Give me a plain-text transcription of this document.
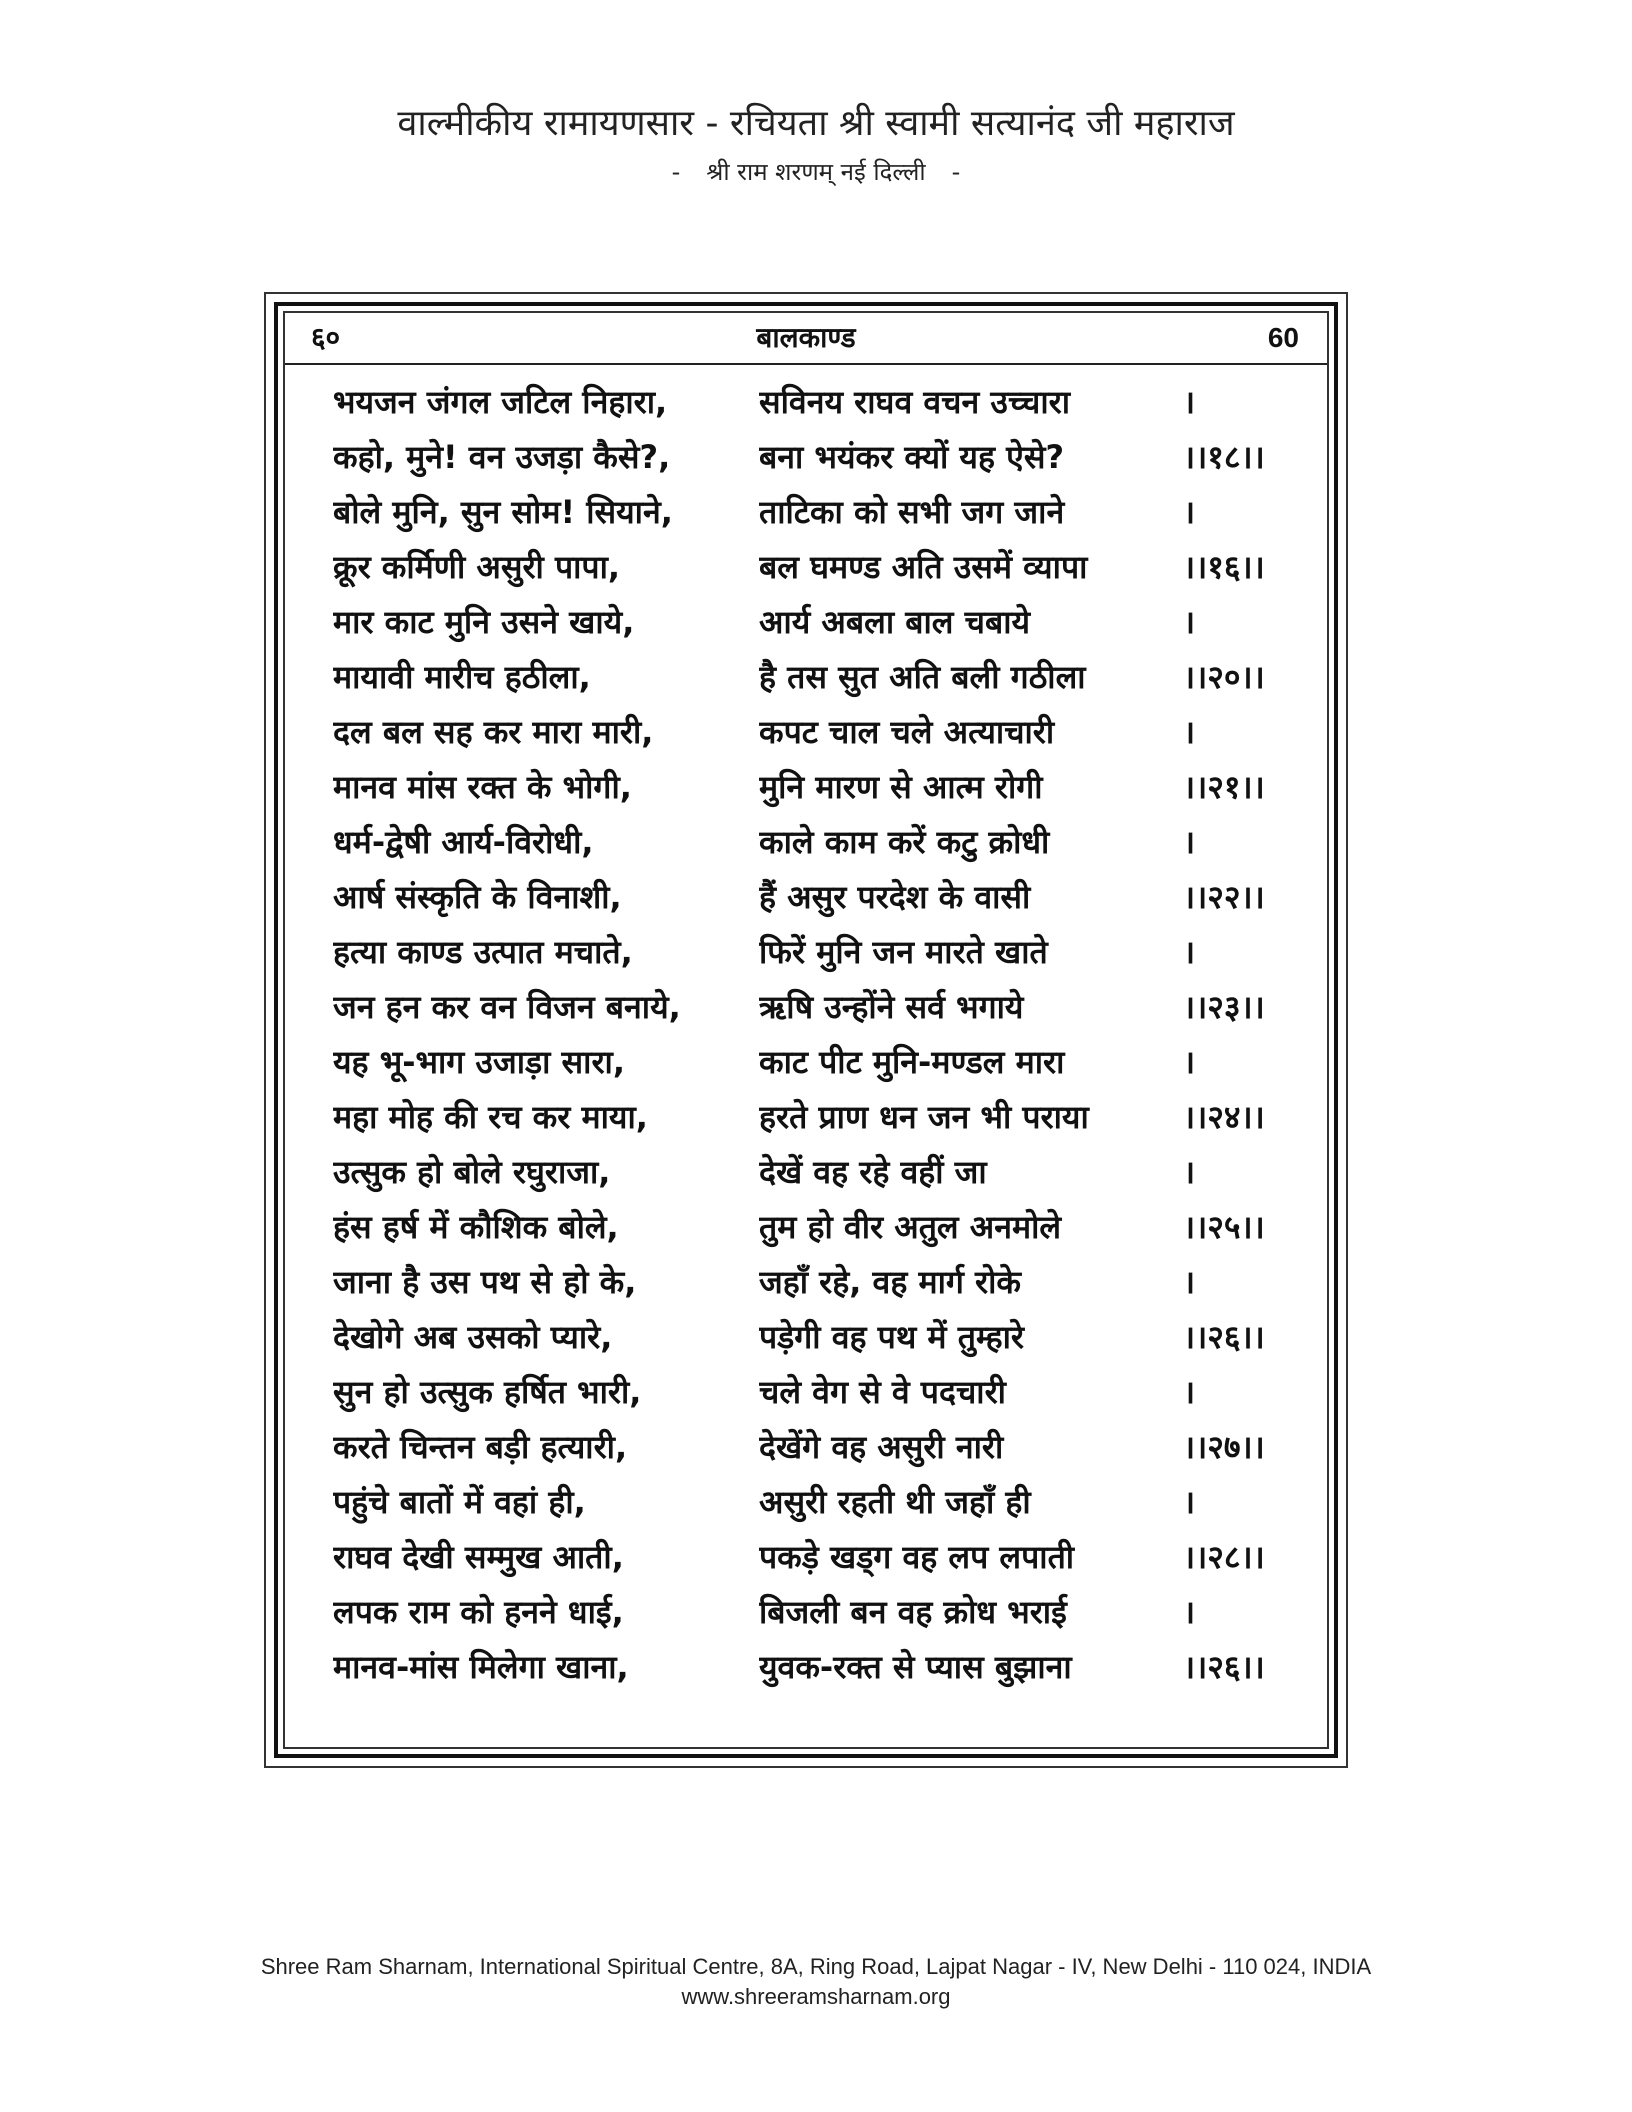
वाल्मीकीय रामायणसार - रचियता श्री स्वामी सत्यानंद जी महाराज
- श्री राम शरणम् नई दिल्ली -
६०	बालकाण्ड	60
भयजन जंगल जटिल निहारा,	सविनय राघव वचन उच्चारा	।
कहो, मुने! वन उजड़ा कैसे?,	बना भयंकर क्यों यह ऐसे?	।।१८।।
बोले मुनि, सुन सोम! सियाने,	ताटिका को सभी जग जाने	।
क्रूर कर्मिणी असुरी पापा,	बल घमण्ड अति उसमें व्यापा	।।१६।।
मार काट मुनि उसने खाये,	आर्य अबला बाल चबाये	।
मायावी मारीच हठीला,	है तस सुत अति बली गठीला	।।२०।।
दल बल सह कर मारा मारी,	कपट चाल चले अत्याचारी	।
मानव मांस रक्त के भोगी,	मुनि मारण से आत्म रोगी	।।२१।।
धर्म-द्वेषी आर्य-विरोधी,	काले काम करें कटु क्रोधी	।
आर्ष संस्कृति के विनाशी,	हैं असुर परदेश के वासी	।।२२।।
हत्या काण्ड उत्पात मचाते,	फिरें मुनि जन मारते खाते	।
जन हन कर वन विजन बनाये,	ऋषि उन्होंने सर्व भगाये	।।२३।।
यह भू-भाग उजाड़ा सारा,	काट पीट मुनि-मण्डल मारा	।
महा मोह की रच कर माया,	हरते प्राण धन जन भी पराया	।।२४।।
उत्सुक हो बोले रघुराजा,	देखें वह रहे वहीं जा	।
हंस हर्ष में कौशिक बोले,	तुम हो वीर अतुल अनमोले	।।२५।।
जाना है उस पथ से हो के,	जहाँ रहे, वह मार्ग रोके	।
देखोगे अब उसको प्यारे,	पड़ेगी वह पथ में तुम्हारे	।।२६।।
सुन हो उत्सुक हर्षित भारी,	चले वेग से वे पदचारी	।
करते चिन्तन बड़ी हत्यारी,	देखेंगे वह असुरी नारी	।।२७।।
पहुंचे बातों में वहां ही,	असुरी रहती थी जहाँ ही	।
राघव देखी सम्मुख आती,	पकड़े खड्ग वह लप लपाती	।।२८।।
लपक राम को हनने धाई,	बिजली बन वह क्रोध भराई	।
मानव-मांस मिलेगा खाना,	युवक-रक्त से प्यास बुझाना	।।२६।।
Shree Ram Sharnam, International Spiritual Centre, 8A, Ring Road, Lajpat Nagar - IV, New Delhi - 110 024, INDIA
www.shreeramsharnam.org
